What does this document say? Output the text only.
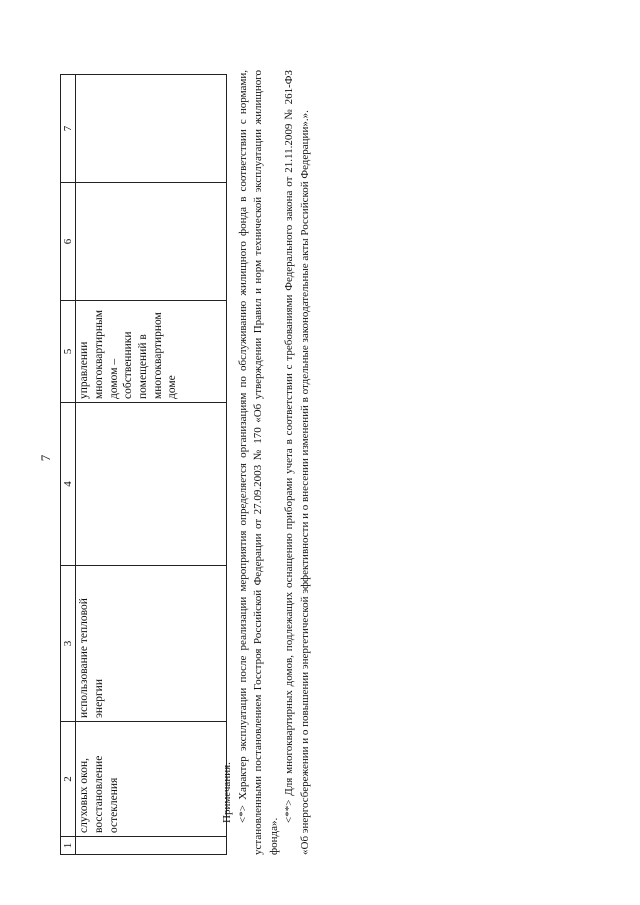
7
1	2	3	4	5	6	7
	слуховых окон, восстановление остекления	использование тепловой энергии		управлении многоквартирным домом – собственники помещений в многоквартирном доме		

Примечания. <*> Характер эксплуатации после реализации мероприятия определяется организациям по обслуживанию жилищного фонда в соответствии с нормами, установленными постановлением Госстроя Российской Федерации от 27.09.2003 № 170 «Об утверждении Правил и норм технической эксплуатации жилищного фонда».

<**> Для многоквартирных домов, подлежащих оснащению приборами учета в соответствии с требованиями Федерального закона от 21.11.2009 № 261-ФЗ «Об энергосбережении и о повышении энергетической эффективности и о внесении изменений в отдельные законодательные акты Российской Федерации».».
